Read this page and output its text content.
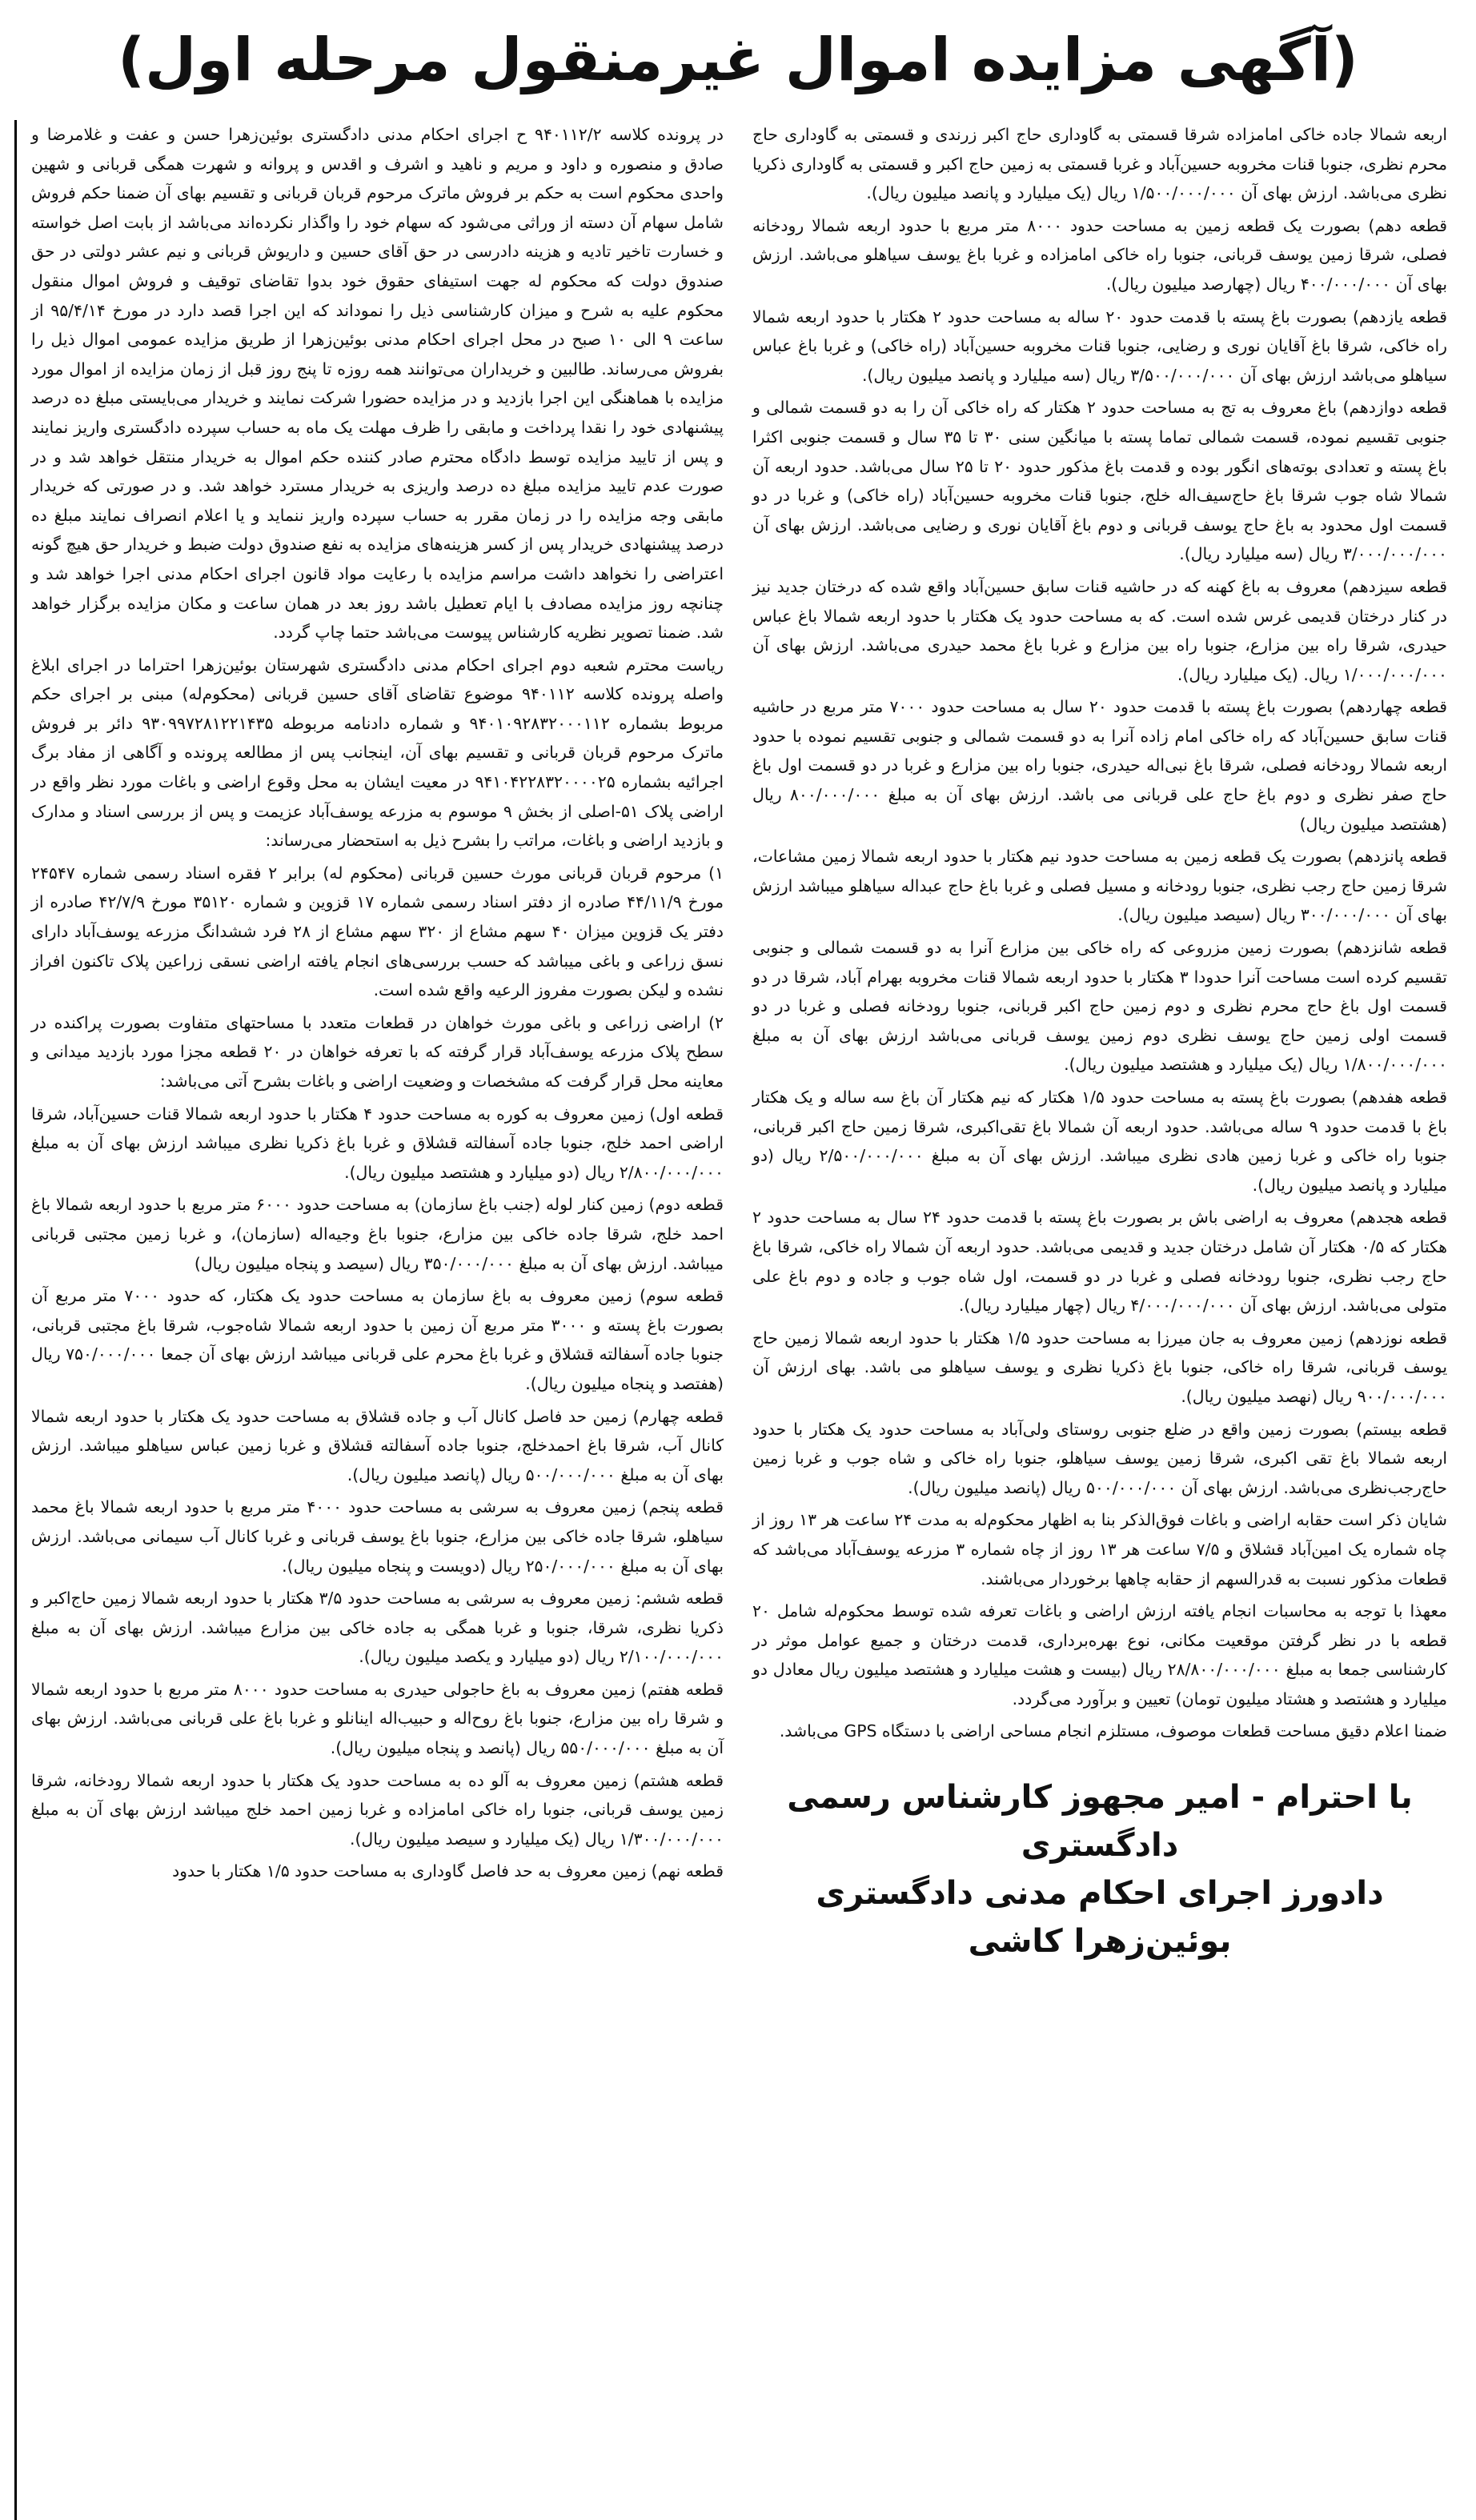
(آگهی مزایده اموال غیرمنقول مرحله اول)

در پرونده کلاسه ۹۴۰۱۱۲/۲ ح اجرای احکام مدنی دادگستری بوئین‌زهرا حسن و عفت و غلامرضا و صادق و منصوره و داود و مریم و ناهید و اشرف و اقدس و پروانه و شهرت همگی قربانی و شهین واحدی محکوم است به حکم بر فروش ماترک مرحوم قربان قربانی و تقسیم بهای آن ضمنا حکم فروش شامل سهام آن دسته از وراثی می‌شود که سهام خود را واگذار نکرده‌اند می‌باشد از بابت اصل خواسته و خسارت تاخیر تادیه و هزینه دادرسی در حق آقای حسین و داریوش قربانی و نیم عشر دولتی در حق صندوق دولت که محکوم له جهت استیفای حقوق خود بدوا تقاضای توقیف و فروش اموال منقول محکوم علیه به شرح و میزان کارشناسی ذیل را نموداند که این اجرا قصد دارد در مورخ ۹۵/۴/۱۴ از ساعت ۹ الی ۱۰ صبح در محل اجرای احکام مدنی بوئین‌زهرا از طریق مزایده عمومی اموال ذیل را بفروش می‌رساند. طالبین و خریداران می‌توانند همه روزه تا پنج روز قبل از زمان مزایده از اموال مورد مزایده با هماهنگی این اجرا بازدید و در مزایده حضورا شرکت نمایند و خریدار می‌بایستی مبلغ ده درصد پیشنهادی خود را نقدا پرداخت و مابقی را ظرف مهلت یک ماه به حساب سپرده دادگستری واریز نمایند و پس از تایید مزایده توسط دادگاه محترم صادر کننده حکم اموال به خریدار منتقل خواهد شد و در صورت عدم تایید مزایده مبلغ ده درصد واریزی به خریدار مسترد خواهد شد. و در صورتی که خریدار مابقی وجه مزایده را در زمان مقرر به حساب سپرده واریز ننماید و یا اعلام انصراف نمایند مبلغ ده درصد پیشنهادی خریدار پس از کسر هزینه‌های مزایده به نفع صندوق دولت ضبط و خریدار حق هیچ گونه اعتراضی را نخواهد داشت مراسم مزایده با رعایت مواد قانون اجرای احکام مدنی اجرا خواهد شد و چنانچه روز مزایده مصادف با ایام تعطیل باشد روز بعد در همان ساعت و مکان مزایده برگزار خواهد شد. ضمنا تصویر نظریه کارشناس پیوست می‌باشد حتما چاپ گردد.

ریاست محترم شعبه دوم اجرای احکام مدنی دادگستری شهرستان بوئین‌زهرا احتراما در اجرای ابلاغ واصله پرونده کلاسه ۹۴۰۱۱۲ موضوع تقاضای آقای حسین قربانی (محکوم‌له) مبنی بر اجرای حکم مربوط بشماره ۹۴۰۱۰۹۲۸۳۲۰۰۰۱۱۲ و شماره دادنامه مربوطه ۹۳۰۹۹۷۲۸۱۲۲۱۴۳۵ دائر بر فروش ماترک مرحوم قربان قربانی و تقسیم بهای آن، اینجانب پس از مطالعه پرونده و آگاهی از مفاد برگ اجرائیه بشماره ۹۴۱۰۴۲۲۸۳۲۰۰۰۰۲۵ در معیت ایشان به محل وقوع اراضی و باغات مورد نظر واقع در اراضی پلاک ۵۱-اصلی از بخش ۹ موسوم به مزرعه یوسف‌آباد عزیمت و پس از بررسی اسناد و مدارک و بازدید اراضی و باغات، مراتب را بشرح ذیل به استحضار می‌رساند:

۱) مرحوم قربان قربانی مورث حسین قربانی (محکوم له) برابر ۲ فقره اسناد رسمی شماره ۲۴۵۴۷ مورخ ۴۴/۱۱/۹ صادره از دفتر اسناد رسمی شماره ۱۷ قزوین و شماره ۳۵۱۲۰ مورخ ۴۲/۷/۹ صادره از دفتر یک قزوین میزان ۴۰ سهم مشاع از ۳۲۰ سهم مشاع از ۲۸ فرد ششدانگ مزرعه یوسف‌آباد دارای نسق زراعی و باغی میباشد که حسب بررسی‌های انجام یافته اراضی نسقی زراعین پلاک تاکنون افراز نشده و لیکن بصورت مفروز الرعیه واقع شده است.

۲) اراضی زراعی و باغی مورث خواهان در قطعات متعدد با مساحتهای متفاوت بصورت پراکنده در سطح پلاک مزرعه یوسف‌آباد قرار گرفته که با تعرفه خواهان در ۲۰ قطعه مجزا مورد بازدید میدانی و معاینه محل قرار گرفت که مشخصات و وضعیت اراضی و باغات بشرح آتی می‌باشد:

قطعه اول) زمین معروف به کوره به مساحت حدود ۴ هکتار با حدود اربعه شمالا قنات حسین‌آباد، شرقا اراضی احمد خلج، جنوبا جاده آسفالته قشلاق و غربا باغ ذکریا نظری میباشد ارزش بهای آن به مبلغ ۲/۸۰۰/۰۰۰/۰۰۰ ریال (دو میلیارد و هشتصد میلیون ریال).

قطعه دوم) زمین کنار لوله (جنب باغ سازمان) به مساحت حدود ۶۰۰۰ متر مربع با حدود اربعه شمالا باغ احمد خلج، شرقا جاده خاکی بین مزارع، جنوبا باغ وجیه‌اله (سازمان)، و غربا زمین مجتبی قربانی میباشد. ارزش بهای آن به مبلغ ۳۵۰/۰۰۰/۰۰۰ ریال (سیصد و پنجاه میلیون ریال)

قطعه سوم) زمین معروف به باغ سازمان به مساحت حدود یک هکتار، که حدود ۷۰۰۰ متر مربع آن بصورت باغ پسته و ۳۰۰۰ متر مربع آن زمین با حدود اربعه شمالا شاه‌جوب، شرقا باغ مجتبی قربانی، جنوبا جاده آسفالته قشلاق و غربا باغ محرم علی قربانی میباشد ارزش بهای آن جمعا ۷۵۰/۰۰۰/۰۰۰ ریال (هفتصد و پنجاه میلیون ریال).

قطعه چهارم) زمین حد فاصل کانال آب و جاده قشلاق به مساحت حدود یک هکتار با حدود اربعه شمالا کانال آب، شرقا باغ احمدخلج، جنوبا جاده آسفالته قشلاق و غربا زمین عباس سیاهلو میباشد. ارزش بهای آن به مبلغ ۵۰۰/۰۰۰/۰۰۰ ریال (پانصد میلیون ریال).

قطعه پنجم) زمین معروف به سرشی به مساحت حدود ۴۰۰۰ متر مربع با حدود اربعه شمالا باغ محمد سیاهلو، شرقا جاده خاکی بین مزارع، جنوبا باغ یوسف قربانی و غربا کانال آب سیمانی می‌باشد. ارزش بهای آن به مبلغ ۲۵۰/۰۰۰/۰۰۰ ریال (دویست و پنجاه میلیون ریال).

قطعه ششم: زمین معروف به سرشی به مساحت حدود ۳/۵ هکتار با حدود اربعه شمالا زمین حاج‌اکبر و ذکریا نظری، شرقا، جنوبا و غربا همگی به جاده خاکی بین مزارع میباشد. ارزش بهای آن به مبلغ ۲/۱۰۰/۰۰۰/۰۰۰ ریال (دو میلیارد و یکصد میلیون ریال).

قطعه هفتم) زمین معروف به باغ حاجولی حیدری به مساحت حدود ۸۰۰۰ متر مربع با حدود اربعه شمالا و شرقا راه بین مزارع، جنوبا باغ روح‌اله و حبیب‌اله اینانلو و غربا باغ علی قربانی می‌باشد. ارزش بهای آن به مبلغ ۵۵۰/۰۰۰/۰۰۰ ریال (پانصد و پنجاه میلیون ریال).

قطعه هشتم) زمین معروف به آلو ده به مساحت حدود یک هکتار با حدود اربعه شمالا رودخانه، شرقا زمین یوسف قربانی، جنوبا راه خاکی امامزاده و غربا زمین احمد خلج میباشد ارزش بهای آن به مبلغ ۱/۳۰۰/۰۰۰/۰۰۰ ریال (یک میلیارد و سیصد میلیون ریال).

قطعه نهم) زمین معروف به حد فاصل گاوداری به مساحت حدود ۱/۵ هکتار با حدود

اربعه شمالا جاده خاکی امامزاده شرقا قسمتی به گاوداری حاج اکبر زرندی و قسمتی به گاوداری حاج محرم نظری، جنوبا قنات مخروبه حسین‌آباد و غربا قسمتی به زمین حاج اکبر و قسمتی به گاوداری ذکریا نظری می‌باشد. ارزش بهای آن ۱/۵۰۰/۰۰۰/۰۰۰ ریال (یک میلیارد و پانصد میلیون ریال).

قطعه دهم) بصورت یک قطعه زمین به مساحت حدود ۸۰۰۰ متر مربع با حدود اربعه شمالا رودخانه فصلی، شرقا زمین یوسف قربانی، جنوبا راه خاکی امامزاده و غربا باغ یوسف سیاهلو می‌باشد. ارزش بهای آن ۴۰۰/۰۰۰/۰۰۰ ریال (چهارصد میلیون ریال).

قطعه یازدهم) بصورت باغ پسته با قدمت حدود ۲۰ ساله به مساحت حدود ۲ هکتار با حدود اربعه شمالا راه خاکی، شرقا باغ آقایان نوری و رضایی، جنوبا قنات مخروبه حسین‌آباد (راه خاکی) و غربا باغ عباس سیاهلو می‌باشد ارزش بهای آن ۳/۵۰۰/۰۰۰/۰۰۰ ریال (سه میلیارد و پانصد میلیون ریال).

قطعه دوازدهم) باغ معروف به تج به مساحت حدود ۲ هکتار که راه خاکی آن را به دو قسمت شمالی و جنوبی تقسیم نموده، قسمت شمالی تماما پسته با میانگین سنی ۳۰ تا ۳۵ سال و قسمت جنوبی اکثرا باغ پسته و تعدادی بوته‌های انگور بوده و قدمت باغ مذکور حدود ۲۰ تا ۲۵ سال می‌باشد. حدود اربعه آن شمالا شاه جوب شرقا باغ حاج‌سیف‌اله خلج، جنوبا قنات مخروبه حسین‌آباد (راه خاکی) و غربا در دو قسمت اول محدود به باغ حاج یوسف قربانی و دوم باغ آقایان نوری و رضایی می‌باشد. ارزش بهای آن ۳/۰۰۰/۰۰۰/۰۰۰ ریال (سه میلیارد ریال).

قطعه سیزدهم) معروف به باغ کهنه که در حاشیه قنات سابق حسین‌آباد واقع شده که درختان جدید نیز در کنار درختان قدیمی غرس شده است. که به مساحت حدود یک هکتار با حدود اربعه شمالا باغ عباس حیدری، شرقا راه بین مزارع، جنوبا راه بین مزارع و غربا باغ محمد حیدری می‌باشد. ارزش بهای آن ۱/۰۰۰/۰۰۰/۰۰۰ ریال. (یک میلیارد ریال).

قطعه چهاردهم) بصورت باغ پسته با قدمت حدود ۲۰ سال به مساحت حدود ۷۰۰۰ متر مربع در حاشیه قنات سابق حسین‌آباد که راه خاکی امام زاده آنرا به دو قسمت شمالی و جنوبی تقسیم نموده با حدود اربعه شمالا رودخانه فصلی، شرقا باغ نبی‌اله حیدری، جنوبا راه بین مزارع و غربا در دو قسمت اول باغ حاج صفر نظری و دوم باغ حاج علی قربانی می باشد. ارزش بهای آن به مبلغ ۸۰۰/۰۰۰/۰۰۰ ریال (هشتصد میلیون ریال)

قطعه پانزدهم) بصورت یک قطعه زمین به مساحت حدود نیم هکتار با حدود اربعه شمالا زمین مشاعات، شرقا زمین حاج رجب نظری، جنوبا رودخانه و مسیل فصلی و غربا باغ حاج عبداله سیاهلو میباشد ارزش بهای آن ۳۰۰/۰۰۰/۰۰۰ ریال (سیصد میلیون ریال).

قطعه شانزدهم) بصورت زمین مزروعی که راه خاکی بین مزارع آنرا به دو قسمت شمالی و جنوبی تقسیم کرده است مساحت آنرا حدودا ۳ هکتار با حدود اربعه شمالا قنات مخروبه بهرام آباد، شرقا در دو قسمت اول باغ حاج محرم نظری و دوم زمین حاج اکبر قربانی، جنوبا رودخانه فصلی و غربا در دو قسمت اولی زمین حاج یوسف نظری دوم زمین یوسف قربانی می‌باشد ارزش بهای آن به مبلغ ۱/۸۰۰/۰۰۰/۰۰۰ ریال (یک میلیارد و هشتصد میلیون ریال).

قطعه هفدهم) بصورت باغ پسته به مساحت حدود ۱/۵ هکتار که نیم هکتار آن باغ سه ساله و یک هکتار باغ با قدمت حدود ۹ ساله می‌باشد. حدود اربعه آن شمالا باغ تقی‌اکبری، شرقا زمین حاج اکبر قربانی، جنوبا راه خاکی و غربا زمین هادی نظری میباشد. ارزش بهای آن به مبلغ ۲/۵۰۰/۰۰۰/۰۰۰ ریال (دو میلیارد و پانصد میلیون ریال).

قطعه هجدهم) معروف به اراضی باش بر بصورت باغ پسته با قدمت حدود ۲۴ سال به مساحت حدود ۲ هکتار که ۰/۵ هکتار آن شامل درختان جدید و قدیمی می‌باشد. حدود اربعه آن شمالا راه خاکی، شرقا باغ حاج رجب نظری، جنوبا رودخانه فصلی و غربا در دو قسمت، اول شاه جوب و جاده و دوم باغ علی متولی می‌باشد. ارزش بهای آن ۴/۰۰۰/۰۰۰/۰۰۰ ریال (چهار میلیارد ریال).

قطعه نوزدهم) زمین معروف به جان میرزا به مساحت حدود ۱/۵ هکتار با حدود اربعه شمالا زمین حاج یوسف قربانی، شرقا راه خاکی، جنوبا باغ ذکریا نظری و یوسف سیاهلو می باشد. بهای ارزش آن ۹۰۰/۰۰۰/۰۰۰ ریال (نهصد میلیون ریال).

قطعه بیستم) بصورت زمین واقع در ضلع جنوبی روستای ولی‌آباد به مساحت حدود یک هکتار با حدود اربعه شمالا باغ تقی اکبری، شرقا زمین یوسف سیاهلو، جنوبا راه خاکی و شاه جوب و غربا زمین حاج‌رجب‌نظری می‌باشد. ارزش بهای آن ۵۰۰/۰۰۰/۰۰۰ ریال (پانصد میلیون ریال).

شایان ذکر است حقابه اراضی و باغات فوق‌الذکر بنا به اظهار محکوم‌له به مدت ۲۴ ساعت هر ۱۳ روز از چاه شماره یک امین‌آباد قشلاق و ۷/۵ ساعت هر ۱۳ روز از چاه شماره ۳ مزرعه یوسف‌آباد می‌باشد که قطعات مذکور نسبت به قدرالسهم از حقابه چاهها برخوردار می‌باشند.

معهذا با توجه به محاسبات انجام یافته ارزش اراضی و باغات تعرفه شده توسط محکوم‌له شامل ۲۰ قطعه با در نظر گرفتن موقعیت مکانی، نوع بهره‌برداری، قدمت درختان و جمیع عوامل موثر در کارشناسی جمعا به مبلغ ۲۸/۸۰۰/۰۰۰/۰۰۰ ریال (بیست و هشت میلیارد و هشتصد میلیون ریال معادل دو میلیارد و هشتصد و هشتاد میلیون تومان) تعیین و برآورد می‌گردد.

ضمنا اعلام دقیق مساحت قطعات موصوف، مستلزم انجام مساحی اراضی با دستگاه GPS می‌باشد.

با احترام - امیر مجهوز کارشناس رسمی دادگستری
دادورز اجرای احکام مدنی دادگستری بوئین‌زهرا کاشی
